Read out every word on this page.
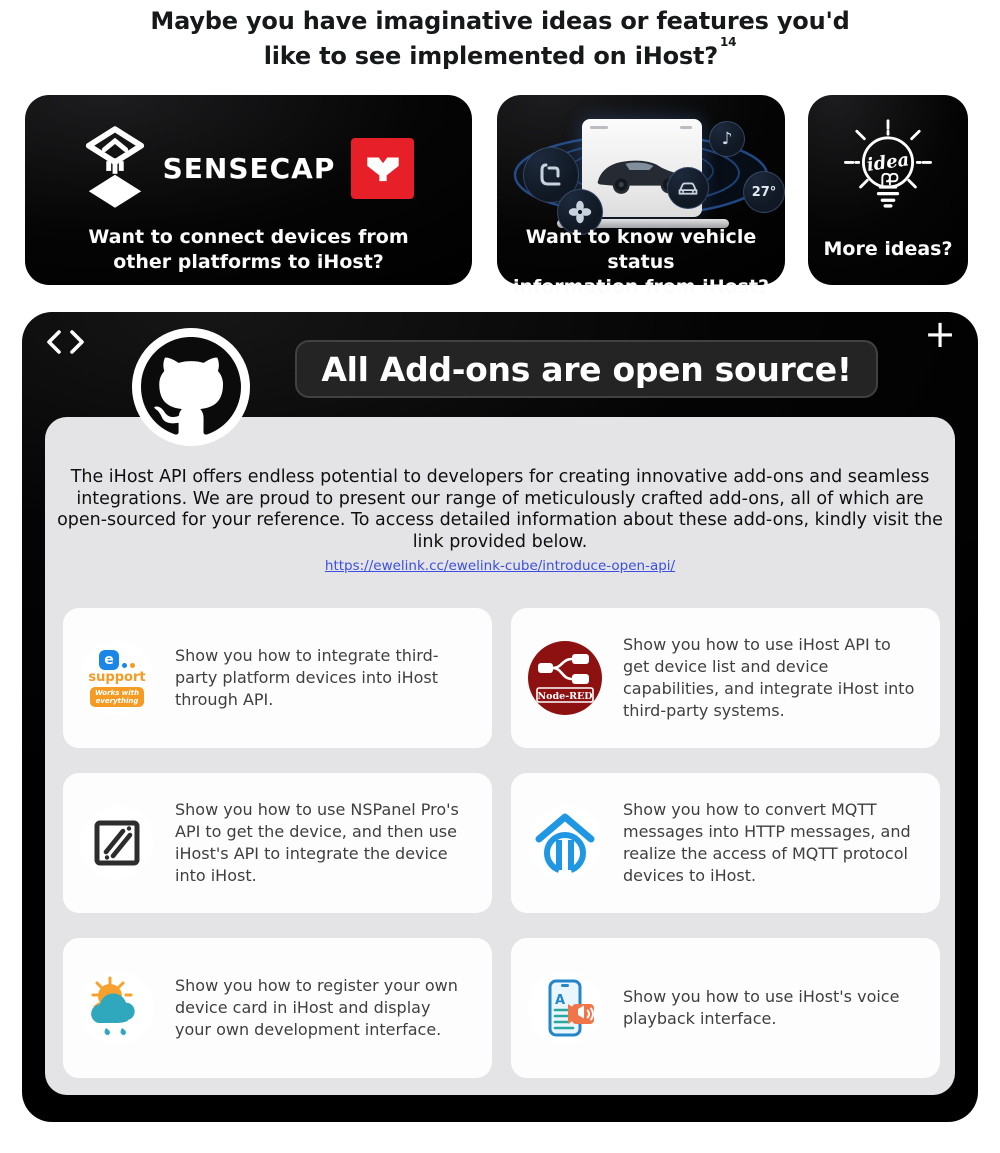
Maybe you have imaginative ideas or features you'd
like to see implemented on iHost? $^{14}$
SENSECAP
Want to connect devices from
other platforms to iHost?
♪
27°
Want to know vehicle status
information from iHost?
idea
More ideas?
+
All Add-ons are open source!

The iHost API offers endless potential to developers for creating innovative add-ons and seamless integrations. We are proud to present our range of meticulously crafted add-ons, all of which are open-sourced for your reference. To access detailed information about these add-ons, kindly visit the link provided below.

https://ewelink.cc/ewelink-cube/introduce-open-api/
e
support
Works with
everything
Show you how to integrate third-party platform devices into iHost through API.	Node-RED
Show you how to use iHost API to get device list and device capabilities, and integrate iHost into third-party systems.
Show you how to use NSPanel Pro's API to get the device, and then use iHost's API to integrate the device into iHost.
Show you how to convert MQTT messages into HTTP messages, and realize the access of MQTT protocol devices to iHost.
Show you how to register your own device card in iHost and display your own development interface.
A	Show you how to use iHost's voice playback interface.
